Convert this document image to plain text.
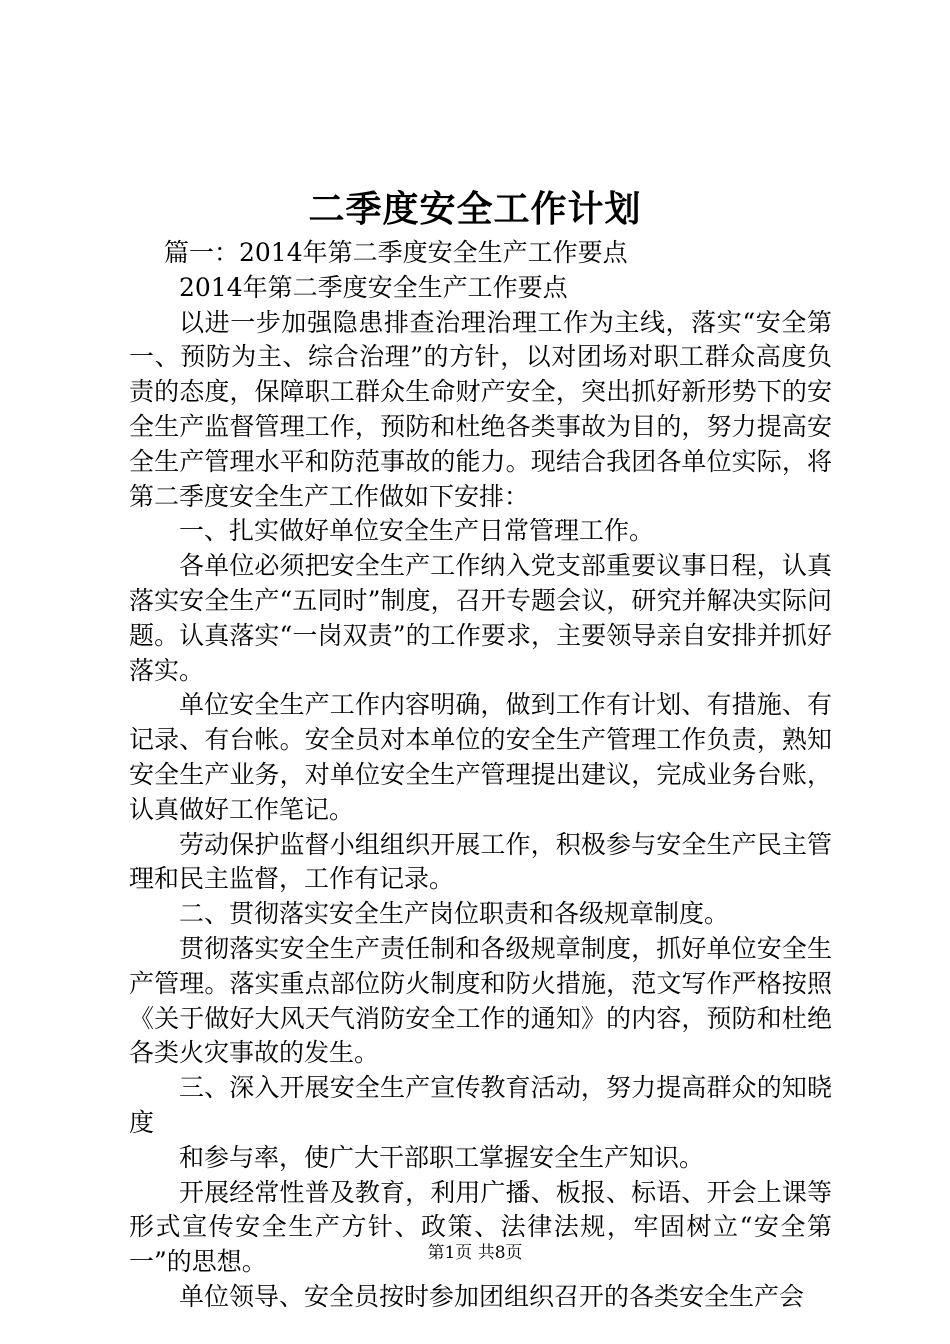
二季度安全工作计划

篇一：2014年第二季度安全生产工作要点

2014年第二季度安全生产工作要点

以进一步加强隐患排查治理治理工作为主线，落实“安全第一、预防为主、综合治理”的方针，以对团场对职工群众高度负责的态度，保障职工群众生命财产安全，突出抓好新形势下的安全生产监督管理工作，预防和杜绝各类事故为目的，努力提高安全生产管理水平和防范事故的能力。现结合我团各单位实际，将第二季度安全生产工作做如下安排：

一、扎实做好单位安全生产日常管理工作。

各单位必须把安全生产工作纳入党支部重要议事日程，认真落实安全生产“五同时”制度，召开专题会议，研究并解决实际问题。认真落实“一岗双责”的工作要求，主要领导亲自安排并抓好落实。

单位安全生产工作内容明确，做到工作有计划、有措施、有记录、有台帐。安全员对本单位的安全生产管理工作负责，熟知安全生产业务，对单位安全生产管理提出建议，完成业务台账，认真做好工作笔记。

劳动保护监督小组组织开展工作，积极参与安全生产民主管理和民主监督，工作有记录。

二、贯彻落实安全生产岗位职责和各级规章制度。

贯彻落实安全生产责任制和各级规章制度，抓好单位安全生产管理。落实重点部位防火制度和防火措施，范文写作严格按照《关于做好大风天气消防安全工作的通知》的内容，预防和杜绝各类火灾事故的发生。

三、深入开展安全生产宣传教育活动，努力提高群众的知晓度

和参与率，使广大干部职工掌握安全生产知识。

开展经常性普及教育，利用广播、板报、标语、开会上课等形式宣传安全生产方针、政策、法律法规，牢固树立“安全第一”的思想。

单位领导、安全员按时参加团组织召开的各类安全生产会

第1页 共8页
